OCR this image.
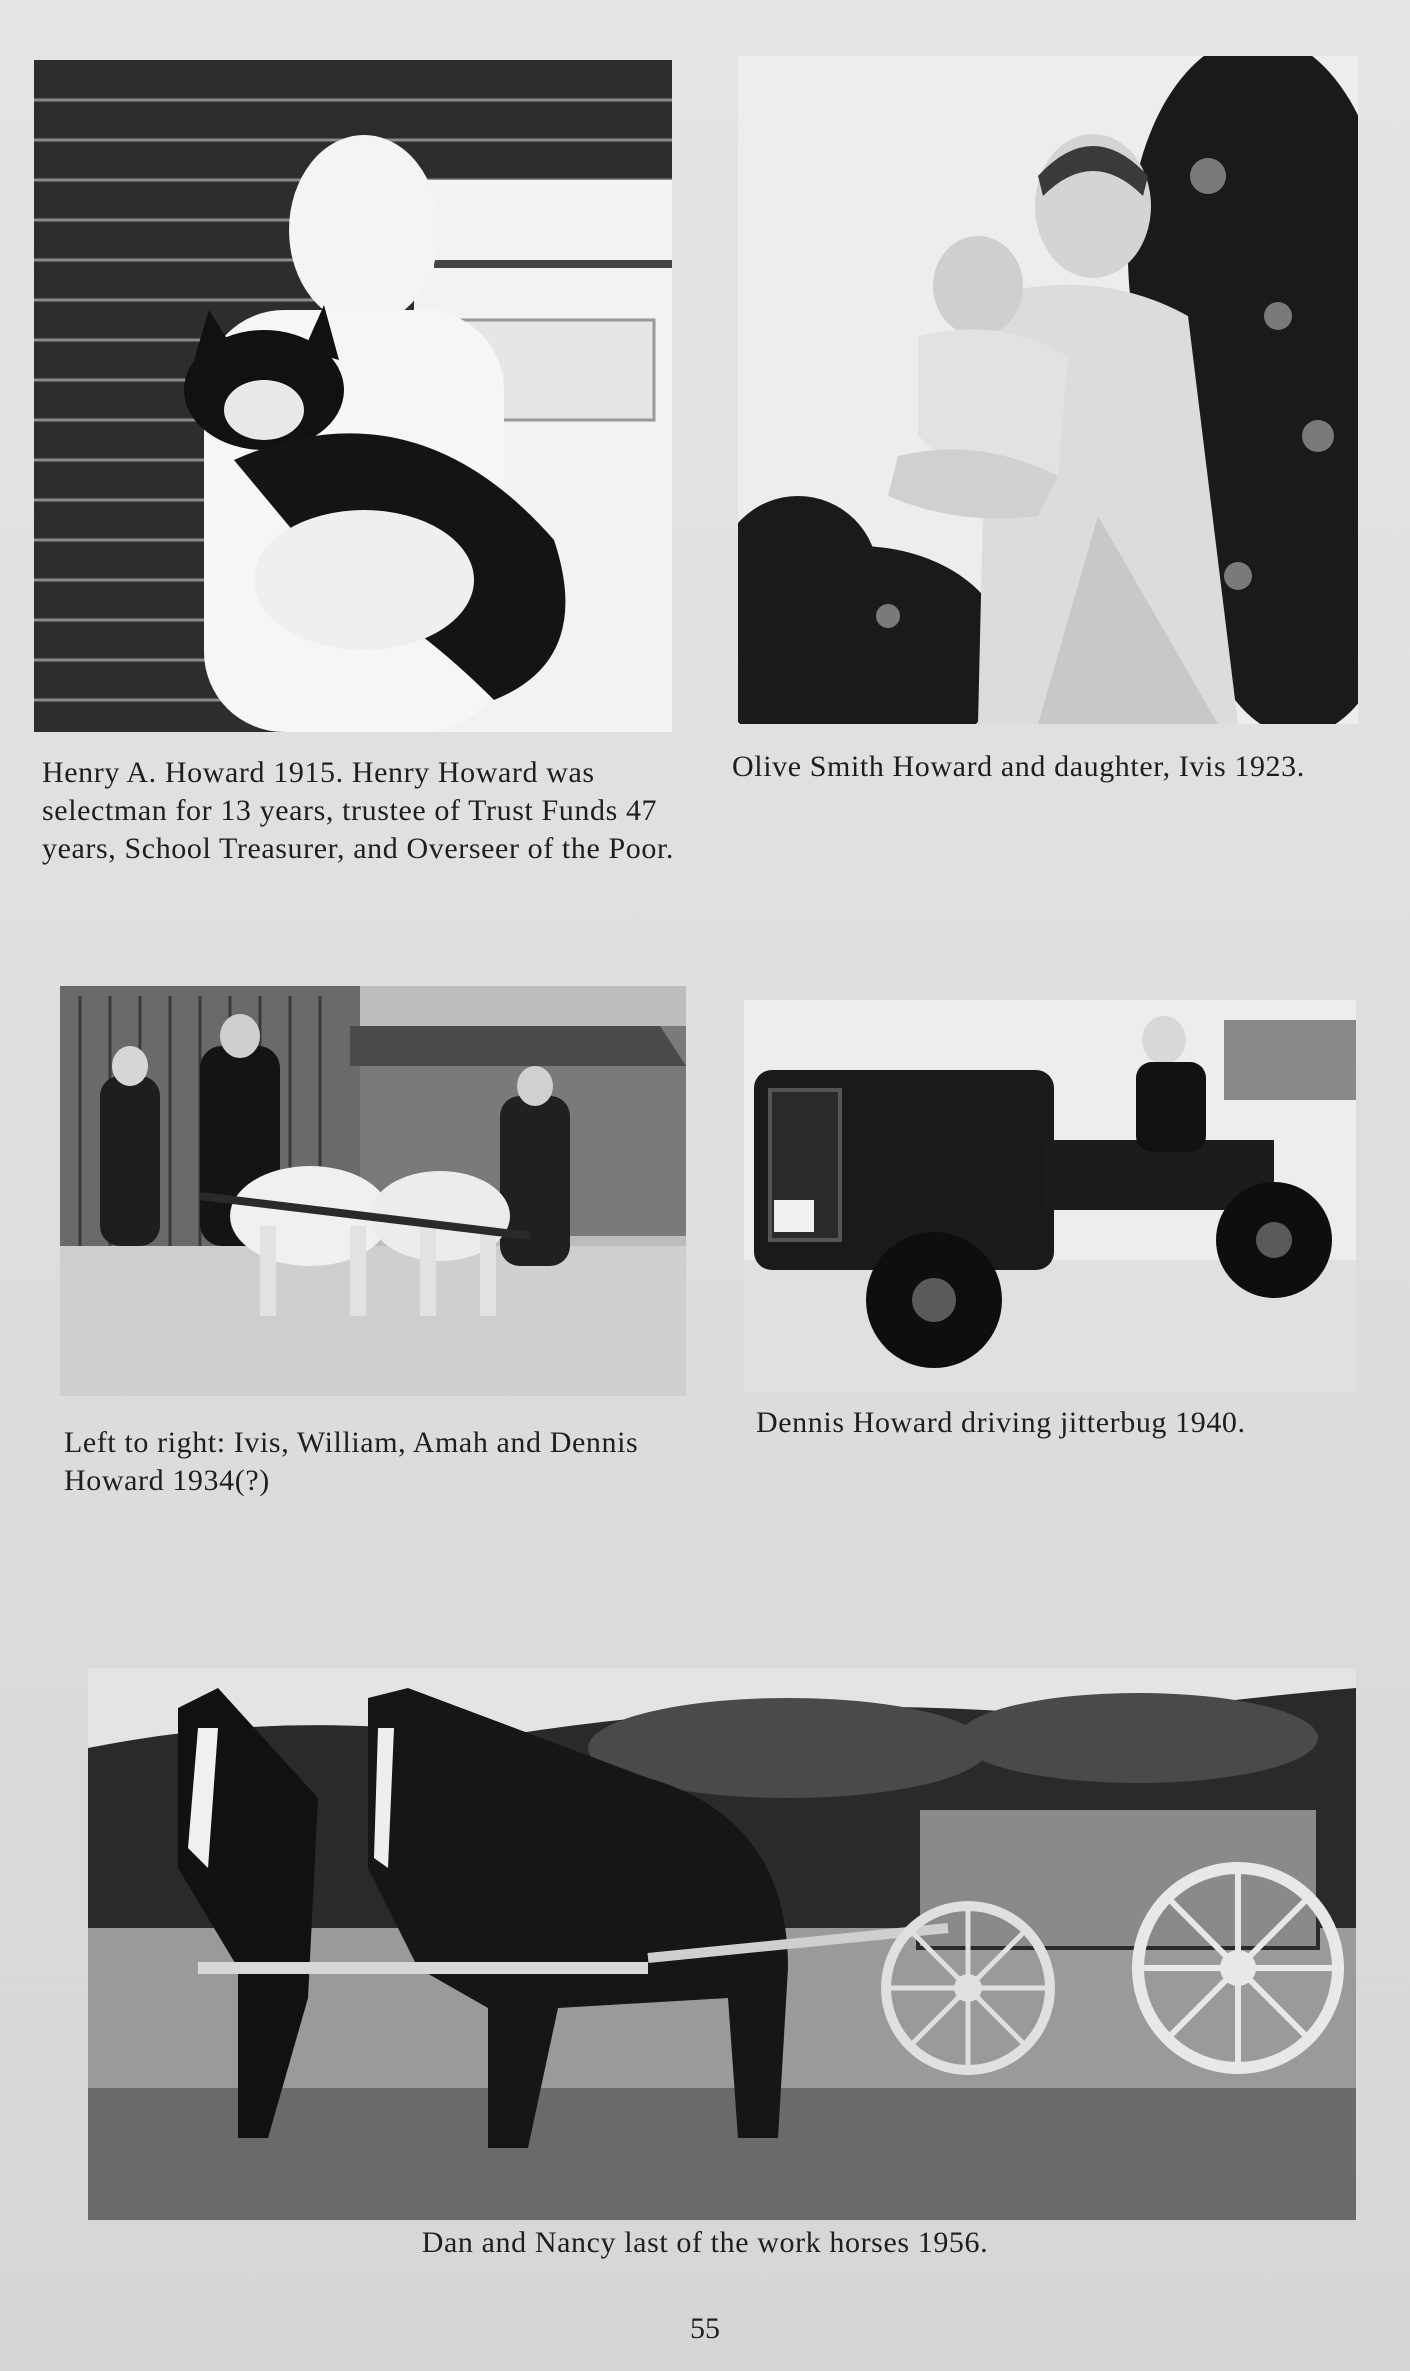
Henry A. Howard 1915. Henry Howard was selectman for 13 years, trustee of Trust Funds 47 years, School Treasurer, and Overseer of the Poor.
Olive Smith Howard and daughter, Ivis 1923.
Left to right: Ivis, William, Amah and Dennis Howard 1934(?)
Dennis Howard driving jitterbug 1940.
Dan and Nancy last of the work horses 1956.
55
